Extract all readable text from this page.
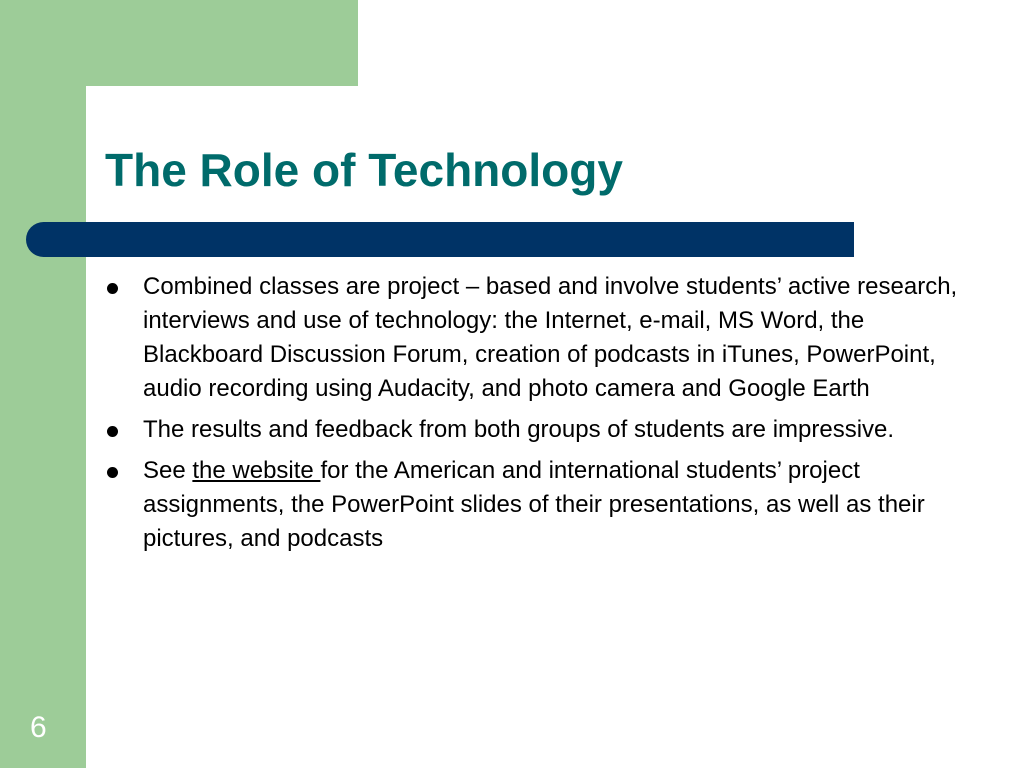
The Role of Technology
Combined classes are project – based and involve students’ active research, interviews and use of technology: the Internet, e-mail, MS Word, the Blackboard Discussion Forum, creation of podcasts in iTunes, PowerPoint, audio recording using Audacity, and photo camera and Google Earth
The results and feedback from both groups of students are impressive.
See the website for the American and international students’ project assignments, the PowerPoint slides of their presentations, as well as their pictures, and podcasts
6
